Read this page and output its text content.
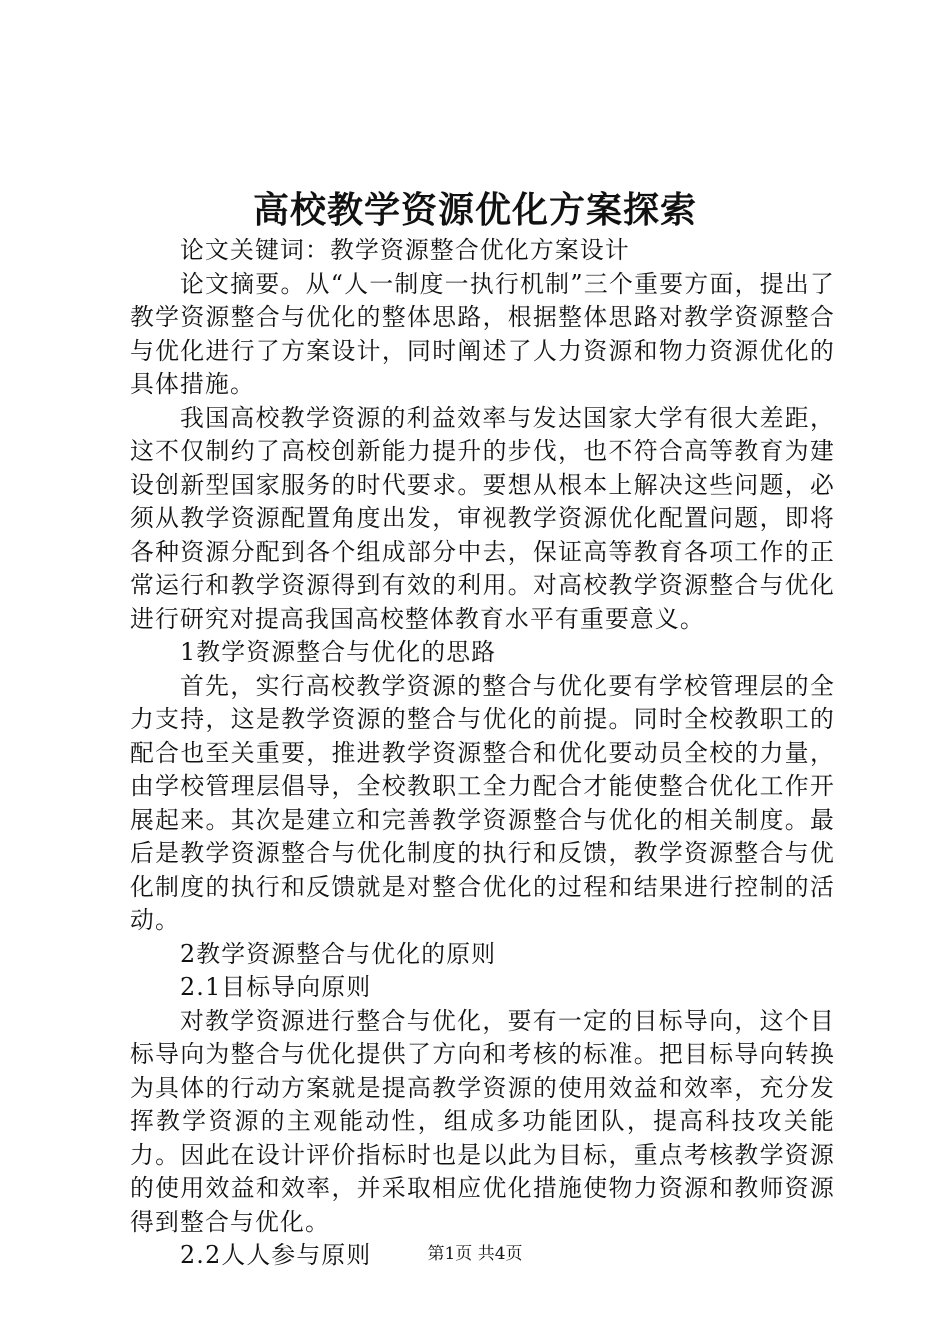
高校教学资源优化方案探索

论文关键词：教学资源整合优化方案设计

论文摘要。从“人一制度一执行机制”三个重要方面，提出了教学资源整合与优化的整体思路，根据整体思路对教学资源整合与优化进行了方案设计，同时阐述了人力资源和物力资源优化的具体措施。

我国高校教学资源的利益效率与发达国家大学有很大差距，这不仅制约了高校创新能力提升的步伐，也不符合高等教育为建设创新型国家服务的时代要求。要想从根本上解决这些问题，必须从教学资源配置角度出发，审视教学资源优化配置问题，即将各种资源分配到各个组成部分中去，保证高等教育各项工作的正常运行和教学资源得到有效的利用。对高校教学资源整合与优化进行研究对提高我国高校整体教育水平有重要意义。

1教学资源整合与优化的思路

首先，实行高校教学资源的整合与优化要有学校管理层的全力支持，这是教学资源的整合与优化的前提。同时全校教职工的配合也至关重要，推进教学资源整合和优化要动员全校的力量，由学校管理层倡导，全校教职工全力配合才能使整合优化工作开展起来。其次是建立和完善教学资源整合与优化的相关制度。最后是教学资源整合与优化制度的执行和反馈，教学资源整合与优化制度的执行和反馈就是对整合优化的过程和结果进行控制的活动。

2教学资源整合与优化的原则

2.1目标导向原则

对教学资源进行整合与优化，要有一定的目标导向，这个目标导向为整合与优化提供了方向和考核的标准。把目标导向转换为具体的行动方案就是提高教学资源的使用效益和效率，充分发挥教学资源的主观能动性，组成多功能团队，提高科技攻关能力。因此在设计评价指标时也是以此为目标，重点考核教学资源的使用效益和效率，并采取相应优化措施使物力资源和教师资源得到整合与优化。

2.2人人参与原则	第1页 共4页
